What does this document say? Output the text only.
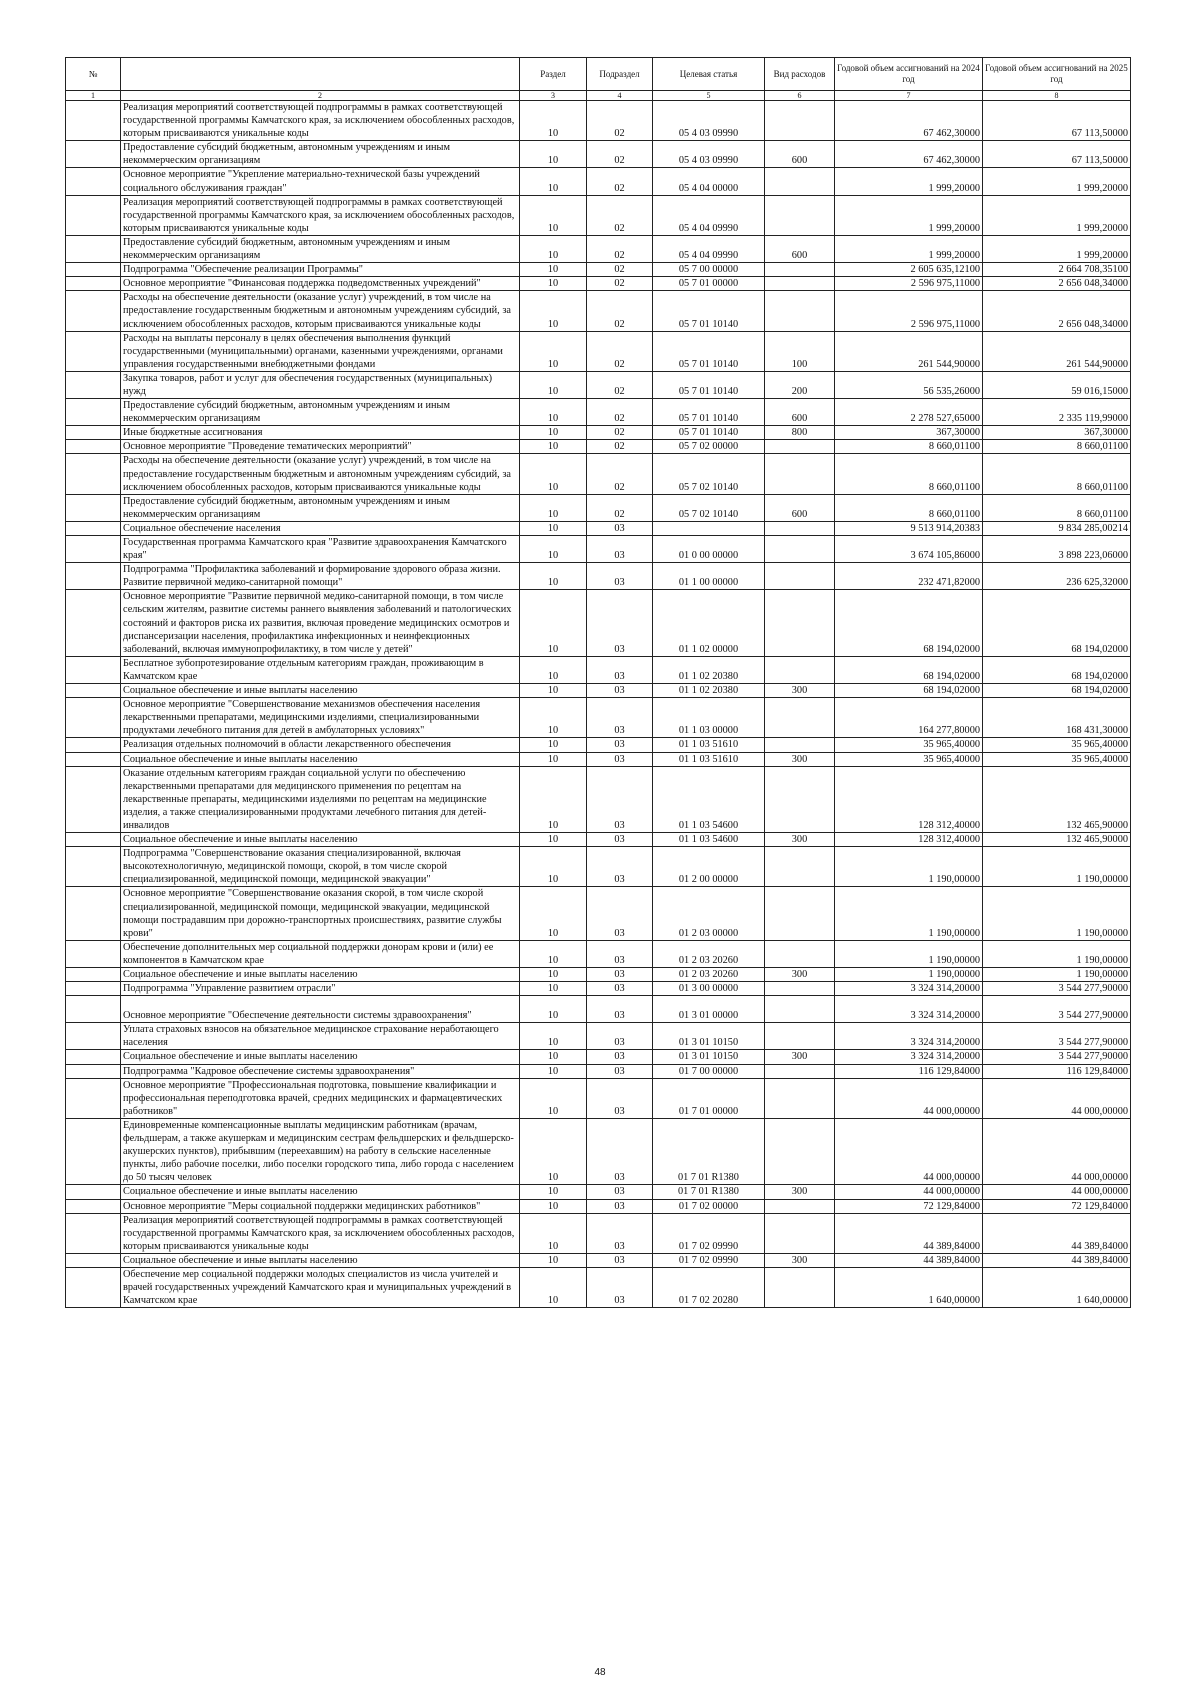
№		Раздел	Подраздел	Целевая статья	Вид расходов	Годовой объем ассигнований на 2024 год	Годовой объем ассигнований на 2025 год
1	2	3	4	5	6	7	8
	Реализация мероприятий соответствующей подпрограммы в рамках соответствующей государственной программы Камчатского края, за исключением обособленных расходов, которым присваиваются уникальные коды	10	02	05 4 03 09990		67 462,30000	67 113,50000
	Предоставление субсидий бюджетным, автономным учреждениям и иным некоммерческим организациям	10	02	05 4 03 09990	600	67 462,30000	67 113,50000
	Основное мероприятие "Укрепление материально-технической базы учреждений социального обслуживания граждан"	10	02	05 4 04 00000		1 999,20000	1 999,20000
	Реализация мероприятий соответствующей подпрограммы в рамках соответствующей государственной программы Камчатского края, за исключением обособленных расходов, которым присваиваются уникальные коды	10	02	05 4 04 09990		1 999,20000	1 999,20000
	Предоставление субсидий бюджетным, автономным учреждениям и иным некоммерческим организациям	10	02	05 4 04 09990	600	1 999,20000	1 999,20000
	Подпрограмма "Обеспечение реализации Программы"	10	02	05 7 00 00000		2 605 635,12100	2 664 708,35100
	Основное мероприятие "Финансовая поддержка подведомственных учреждений"	10	02	05 7 01 00000		2 596 975,11000	2 656 048,34000
	Расходы на обеспечение деятельности (оказание услуг) учреждений, в том числе на предоставление государственным бюджетным и автономным учреждениям субсидий, за исключением обособленных расходов, которым присваиваются уникальные коды	10	02	05 7 01 10140		2 596 975,11000	2 656 048,34000
	Расходы на выплаты персоналу в целях обеспечения выполнения функций государственными (муниципальными) органами, казенными учреждениями, органами управления государственными внебюджетными фондами	10	02	05 7 01 10140	100	261 544,90000	261 544,90000
	Закупка товаров, работ и услуг для обеспечения государственных (муниципальных) нужд	10	02	05 7 01 10140	200	56 535,26000	59 016,15000
	Предоставление субсидий бюджетным, автономным учреждениям и иным некоммерческим организациям	10	02	05 7 01 10140	600	2 278 527,65000	2 335 119,99000
	Иные бюджетные ассигнования	10	02	05 7 01 10140	800	367,30000	367,30000
	Основное мероприятие "Проведение тематических мероприятий"	10	02	05 7 02 00000		8 660,01100	8 660,01100
	Расходы на обеспечение деятельности (оказание услуг) учреждений, в том числе на предоставление государственным бюджетным и автономным учреждениям субсидий, за исключением обособленных расходов, которым присваиваются уникальные коды	10	02	05 7 02 10140		8 660,01100	8 660,01100
	Предоставление субсидий бюджетным, автономным учреждениям и иным некоммерческим организациям	10	02	05 7 02 10140	600	8 660,01100	8 660,01100
	Социальное обеспечение населения	10	03			9 513 914,20383	9 834 285,00214
	Государственная программа Камчатского края "Развитие здравоохранения Камчатского края"	10	03	01 0 00 00000		3 674 105,86000	3 898 223,06000
	Подпрограмма "Профилактика заболеваний и формирование здорового образа жизни. Развитие первичной медико-санитарной помощи"	10	03	01 1 00 00000		232 471,82000	236 625,32000
	Основное мероприятие "Развитие первичной медико-санитарной помощи, в том числе сельским жителям, развитие системы раннего выявления заболеваний и патологических состояний и факторов риска их развития, включая проведение медицинских осмотров и диспансеризации населения, профилактика инфекционных и неинфекционных заболеваний, включая иммунопрофилактику, в том числе у детей"	10	03	01 1 02 00000		68 194,02000	68 194,02000
	Бесплатное зубопротезирование отдельным категориям граждан, проживающим в Камчатском крае	10	03	01 1 02 20380		68 194,02000	68 194,02000
	Социальное обеспечение и иные выплаты населению	10	03	01 1 02 20380	300	68 194,02000	68 194,02000
	Основное мероприятие "Совершенствование механизмов обеспечения населения лекарственными препаратами, медицинскими изделиями, специализированными продуктами лечебного питания для детей в амбулаторных условиях"	10	03	01 1 03 00000		164 277,80000	168 431,30000
	Реализация отдельных полномочий в области лекарственного обеспечения	10	03	01 1 03 51610		35 965,40000	35 965,40000
	Социальное обеспечение и иные выплаты населению	10	03	01 1 03 51610	300	35 965,40000	35 965,40000
	Оказание отдельным категориям граждан социальной услуги по обеспечению лекарственными препаратами для медицинского применения по рецептам на лекарственные препараты, медицинскими изделиями по рецептам на медицинские изделия, а также специализированными продуктами лечебного питания для детей-инвалидов	10	03	01 1 03 54600		128 312,40000	132 465,90000
	Социальное обеспечение и иные выплаты населению	10	03	01 1 03 54600	300	128 312,40000	132 465,90000
	Подпрограмма "Совершенствование оказания специализированной, включая высокотехнологичную, медицинской помощи, скорой, в том числе скорой специализированной, медицинской помощи, медицинской эвакуации"	10	03	01 2 00 00000		1 190,00000	1 190,00000
	Основное мероприятие "Совершенствование оказания скорой, в том числе скорой специализированной, медицинской помощи, медицинской эвакуации, медицинской помощи пострадавшим при дорожно-транспортных происшествиях, развитие службы крови"	10	03	01 2 03 00000		1 190,00000	1 190,00000
	Обеспечение дополнительных мер социальной поддержки донорам крови и (или) ее компонентов в Камчатском крае	10	03	01 2 03 20260		1 190,00000	1 190,00000
	Социальное обеспечение и иные выплаты населению	10	03	01 2 03 20260	300	1 190,00000	1 190,00000
	Подпрограмма "Управление развитием отрасли"	10	03	01 3 00 00000		3 324 314,20000	3 544 277,90000
	Основное мероприятие "Обеспечение деятельности системы здравоохранения"	10	03	01 3 01 00000		3 324 314,20000	3 544 277,90000
	Уплата страховых взносов на обязательное медицинское страхование неработающего населения	10	03	01 3 01 10150		3 324 314,20000	3 544 277,90000
	Социальное обеспечение и иные выплаты населению	10	03	01 3 01 10150	300	3 324 314,20000	3 544 277,90000
	Подпрограмма "Кадровое обеспечение системы здравоохранения"	10	03	01 7 00 00000		116 129,84000	116 129,84000
	Основное мероприятие "Профессиональная подготовка, повышение квалификации и профессиональная переподготовка врачей, средних медицинских и фармацевтических работников"	10	03	01 7 01 00000		44 000,00000	44 000,00000
	Единовременные компенсационные выплаты медицинским работникам (врачам, фельдшерам, а также акушеркам и медицинским сестрам фельдшерских и фельдшерско-акушерских пунктов), прибывшим (переехавшим) на работу в сельские населенные пункты, либо рабочие поселки, либо поселки городского типа, либо города с населением до 50 тысяч человек	10	03	01 7 01 R1380		44 000,00000	44 000,00000
	Социальное обеспечение и иные выплаты населению	10	03	01 7 01 R1380	300	44 000,00000	44 000,00000
	Основное мероприятие "Меры социальной поддержки медицинских работников"	10	03	01 7 02 00000		72 129,84000	72 129,84000
	Реализация мероприятий соответствующей подпрограммы в рамках соответствующей государственной программы Камчатского края, за исключением обособленных расходов, которым присваиваются уникальные коды	10	03	01 7 02 09990		44 389,84000	44 389,84000
	Социальное обеспечение и иные выплаты населению	10	03	01 7 02 09990	300	44 389,84000	44 389,84000
	Обеспечение мер социальной поддержки молодых специалистов из числа учителей и врачей государственных учреждений Камчатского края и муниципальных учреждений в Камчатском крае	10	03	01 7 02 20280		1 640,00000	1 640,00000
48
